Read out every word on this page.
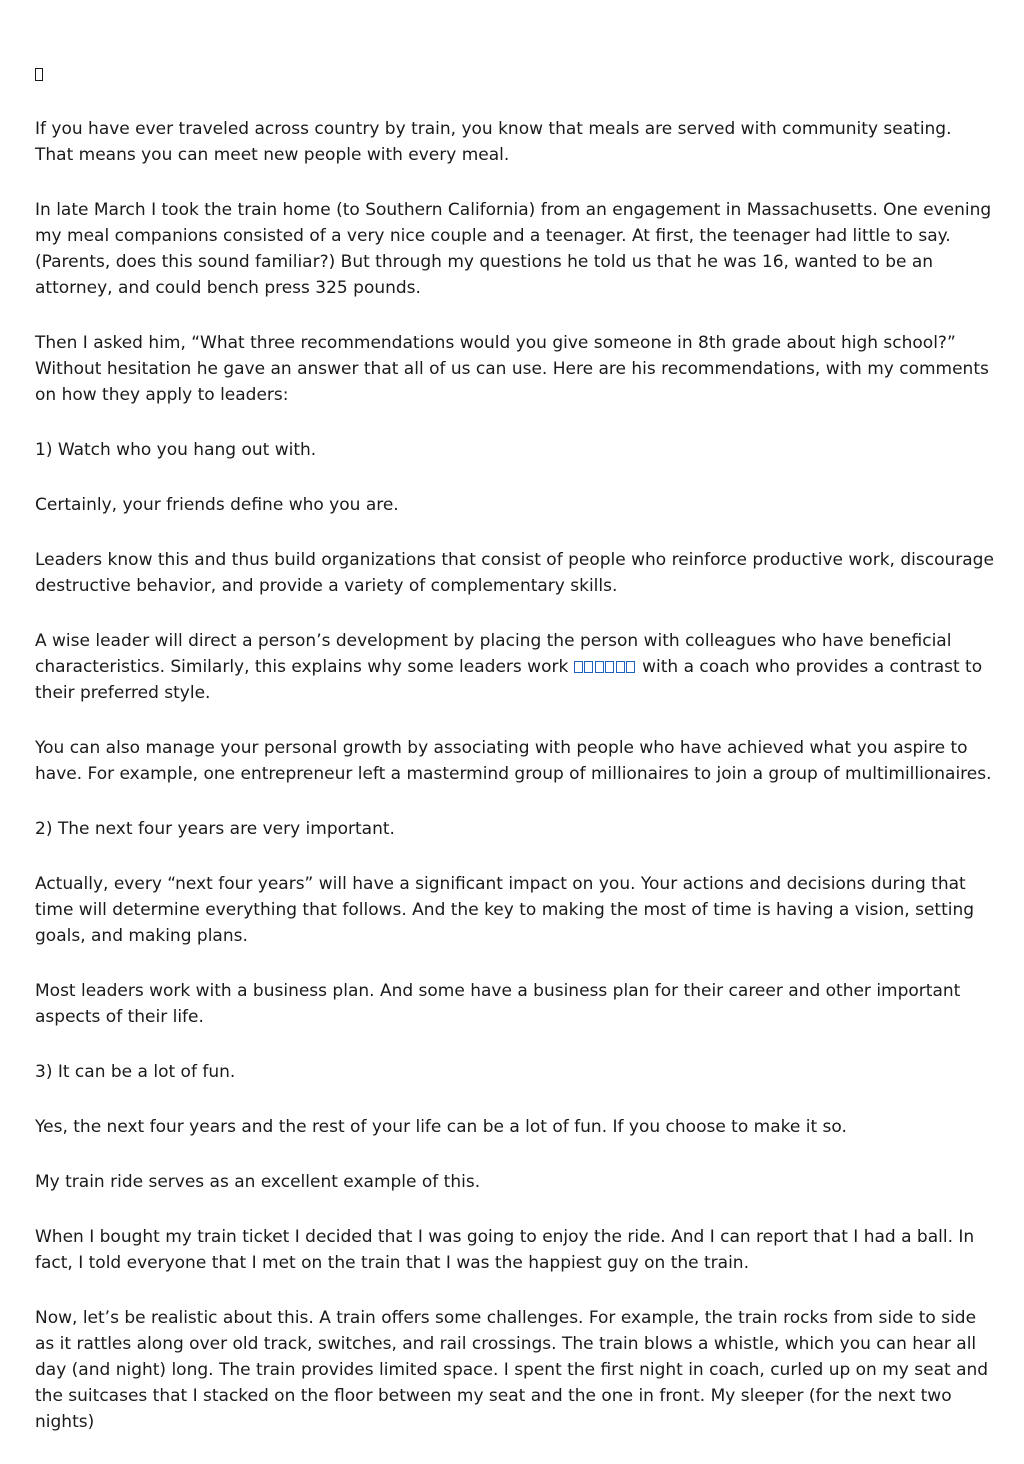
If you have ever traveled across country by train, you know that meals are served with community seating. That means you can meet new people with every meal.

In late March I took the train home (to Southern California) from an engagement in Massachusetts. One evening my meal companions consisted of a very nice couple and a teenager. At first, the teenager had little to say. (Parents, does this sound familiar?) But through my questions he told us that he was 16, wanted to be an attorney, and could bench press 325 pounds.

Then I asked him, “What three recommendations would you give someone in 8th grade about high school?” Without hesitation he gave an answer that all of us can use. Here are his recommendations, with my comments on how they apply to leaders:

1) Watch who you hang out with.

Certainly, your friends define who you are.

Leaders know this and thus build organizations that consist of people who reinforce productive work, discourage destructive behavior, and provide a variety of complementary skills.

A wise leader will direct a person’s development by placing the person with colleagues who have beneficial characteristics. Similarly, this explains why some leaders work	with a coach who provides a contrast to their preferred style.

You can also manage your personal growth by associating with people who have achieved what you aspire to have. For example, one entrepreneur left a mastermind group of millionaires to join a group of multimillionaires.

2) The next four years are very important.

Actually, every “next four years” will have a significant impact on you. Your actions and decisions during that time will determine everything that follows. And the key to making the most of time is having a vision, setting goals, and making plans.

Most leaders work with a business plan. And some have a business plan for their career and other important aspects of their life.

3) It can be a lot of fun.

Yes, the next four years and the rest of your life can be a lot of fun. If you choose to make it so.

My train ride serves as an excellent example of this.

When I bought my train ticket I decided that I was going to enjoy the ride. And I can report that I had a ball. In fact, I told everyone that I met on the train that I was the happiest guy on the train.

Now, let’s be realistic about this. A train offers some challenges. For example, the train rocks from side to side as it rattles along over old track, switches, and rail crossings. The train blows a whistle, which you can hear all day (and night) long. The train provides limited space. I spent the first night in coach, curled up on my seat and the suitcases that I stacked on the floor between my seat and the one in front. My sleeper (for the next two nights)
